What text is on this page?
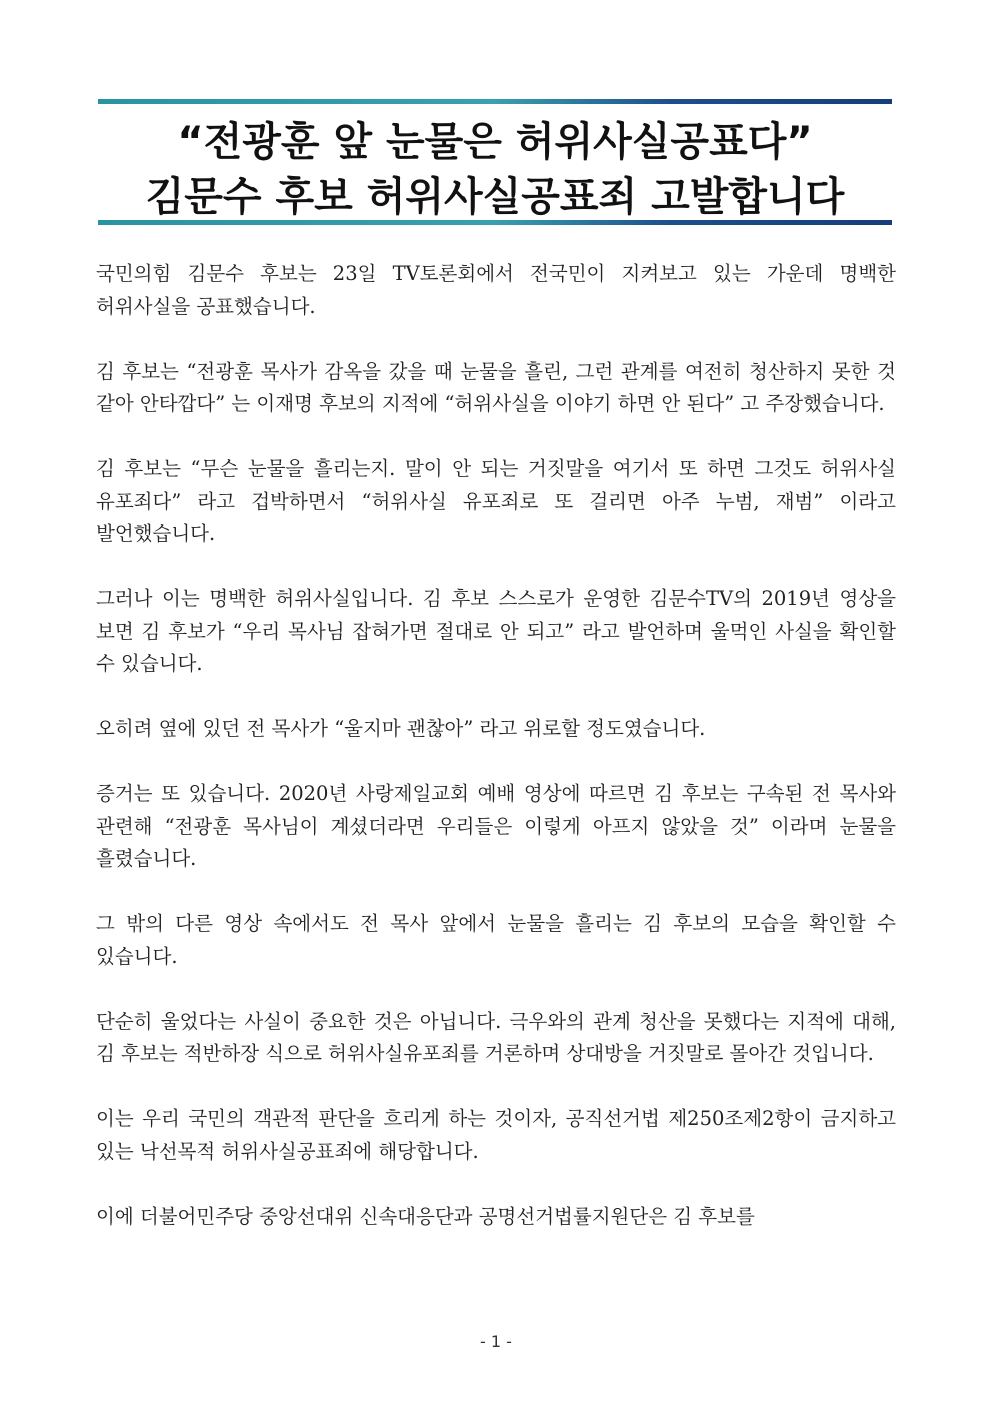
“전광훈 앞 눈물은 허위사실공표다”
김문수 후보 허위사실공표죄 고발합니다

국민의힘 김문수 후보는 23일 TV토론회에서 전국민이 지켜보고 있는 가운데 명백한 허위사실을 공표했습니다.

김 후보는 “전광훈 목사가 감옥을 갔을 때 눈물을 흘린, 그런 관계를 여전히 청산하지 못한 것 같아 안타깝다” 는 이재명 후보의 지적에 “허위사실을 이야기 하면 안 된다” 고 주장했습니다.

김 후보는 “무슨 눈물을 흘리는지. 말이 안 되는 거짓말을 여기서 또 하면 그것도 허위사실 유포죄다” 라고 겁박하면서 “허위사실 유포죄로 또 걸리면 아주 누범, 재범” 이라고 발언했습니다.

그러나 이는 명백한 허위사실입니다. 김 후보 스스로가 운영한 김문수TV의 2019년 영상을 보면 김 후보가 “우리 목사님 잡혀가면 절대로 안 되고” 라고 발언하며 울먹인 사실을 확인할 수 있습니다.

오히려 옆에 있던 전 목사가 “울지마 괜찮아” 라고 위로할 정도였습니다.

증거는 또 있습니다. 2020년 사랑제일교회 예배 영상에 따르면 김 후보는 구속된 전 목사와 관련해 “전광훈 목사님이 계셨더라면 우리들은 이렇게 아프지 않았을 것” 이라며 눈물을 흘렸습니다.

그 밖의 다른 영상 속에서도 전 목사 앞에서 눈물을 흘리는 김 후보의 모습을 확인할 수 있습니다.

단순히 울었다는 사실이 중요한 것은 아닙니다. 극우와의 관계 청산을 못했다는 지적에 대해, 김 후보는 적반하장 식으로 허위사실유포죄를 거론하며 상대방을 거짓말로 몰아간 것입니다.

이는 우리 국민의 객관적 판단을 흐리게 하는 것이자, 공직선거법 제250조제2항이 금지하고 있는 낙선목적 허위사실공표죄에 해당합니다.

이에 더불어민주당 중앙선대위 신속대응단과 공명선거법률지원단은 김 후보를

- 1 -
